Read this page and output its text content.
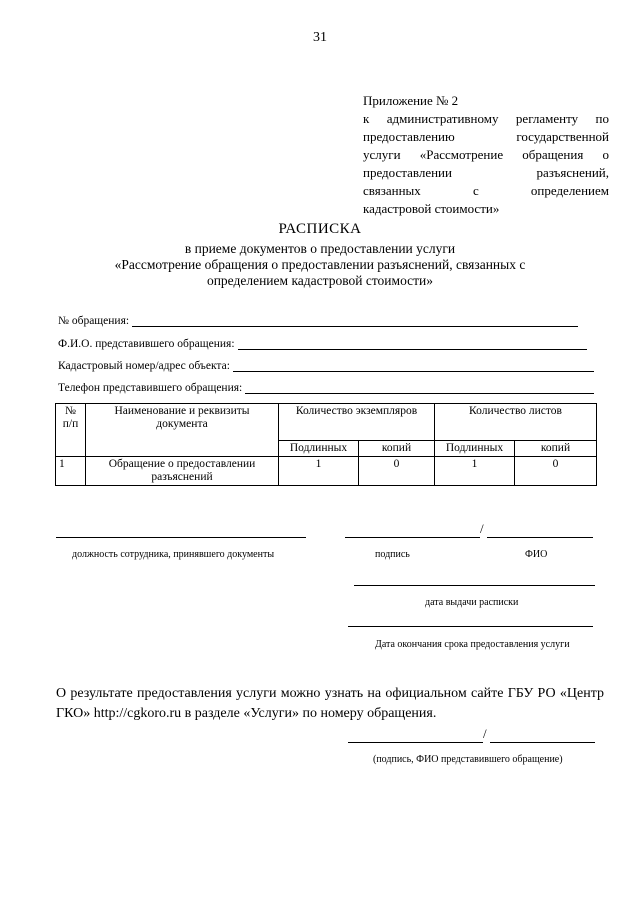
31
Приложение № 2
к административному регламенту по
предоставлению государственной
услуги «Рассмотрение обращения о
предоставлении разъяснений,
связанных с определением
кадастровой стоимости»
РАСПИСКА
в приеме документов о предоставлении услуги
«Рассмотрение обращения о предоставлении разъяснений, связанных с
определением кадастровой стоимости»
№ обращения:
Ф.И.О. представившего обращения:
Кадастровый номер/адрес объекта:
Телефон представившего обращения:
№ п/п	Наименование и реквизиты документа	Количество экземпляров		Количество листов	
		Подлинных	копий	Подлинных	копий
1	Обращение о предоставлении разъяснений	1	0	1	0
/
должность сотрудника, принявшего документы	подпись	ФИО
дата выдачи расписки
Дата окончания срока предоставления услуги
О результате предоставления услуги можно узнать на официальном сайте ГБУ РО «Центр ГКО» http://cgkoro.ru в разделе «Услуги» по номеру обращения.
/
(подпись, ФИО представившего обращение)
